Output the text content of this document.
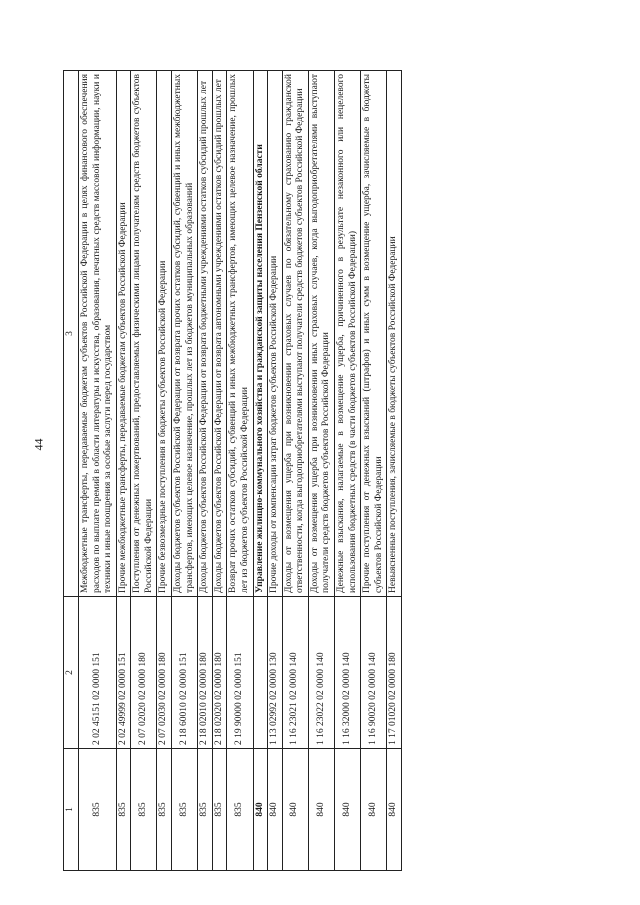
44
1	2	3
835	2 02 45151 02 0000 151	Межбюджетные трансферты, передаваемые бюджетам субъектов Российской Федерации в целях финансового обеспечения расходов по выплате премий в области литературы и искусства, образования, печатных средств массовой информации, науки и техники и иные поощрения за особые заслуги перед государством
835	2 02 49999 02 0000 151	Прочие межбюджетные трансферты, передаваемые бюджетам субъектов Российской Федерации
835	2 07 02020 02 0000 180	Поступления от денежных пожертвований, предоставляемых физическими лицами получателям средств бюджетов субъектов Российской Федерации
835	2 07 02030 02 0000 180	Прочие безвозмездные поступления в бюджеты субъектов Российской Федерации
835	2 18 60010 02 0000 151	Доходы бюджетов субъектов Российской Федерации от возврата прочих остатков субсидий, субвенций и иных межбюджетных трансфертов, имеющих целевое назначение, прошлых лет из бюджетов муниципальных образований
835	2 18 02010 02 0000 180	Доходы бюджетов субъектов Российской Федерации от возврата бюджетными учреждениями остатков субсидий прошлых лет
835	2 18 02020 02 0000 180	Доходы бюджетов субъектов Российской Федерации от возврата автономными учреждениями остатков субсидий прошлых лет
835	2 19 90000 02 0000 151	Возврат прочих остатков субсидий, субвенций и иных межбюджетных трансфертов, имеющих целевое назначение, прошлых лет из бюджетов субъектов Российской Федерации
840		Управление жилищно-коммунального хозяйства и гражданской защиты населения Пензенской области
840	1 13 02992 02 0000 130	Прочие доходы от компенсации затрат бюджетов субъектов Российской Федерации
840	1 16 23021 02 0000 140	Доходы от возмещения ущерба при возникновении страховых случаев по обязательному страхованию гражданской ответственности, когда выгодоприобретателями выступают получатели средств бюджетов субъектов Российской Федерации
840	1 16 23022 02 0000 140	Доходы от возмещения ущерба при возникновении иных страховых случаев, когда выгодоприобретателями выступают получатели средств бюджетов субъектов Российской Федерации
840	1 16 32000 02 0000 140	Денежные взыскания, налагаемые в возмещение ущерба, причиненного в результате незаконного или нецелевого использования бюджетных средств (в части бюджетов субъектов Российской Федерации)
840	1 16 90020 02 0000 140	Прочие поступления от денежных взысканий (штрафов) и иных сумм в возмещение ущерба, зачисляемые в бюджеты субъектов Российской Федерации
840	1 17 01020 02 0000 180	Невыясненные поступления, зачисляемые в бюджеты субъектов Российской Федерации
